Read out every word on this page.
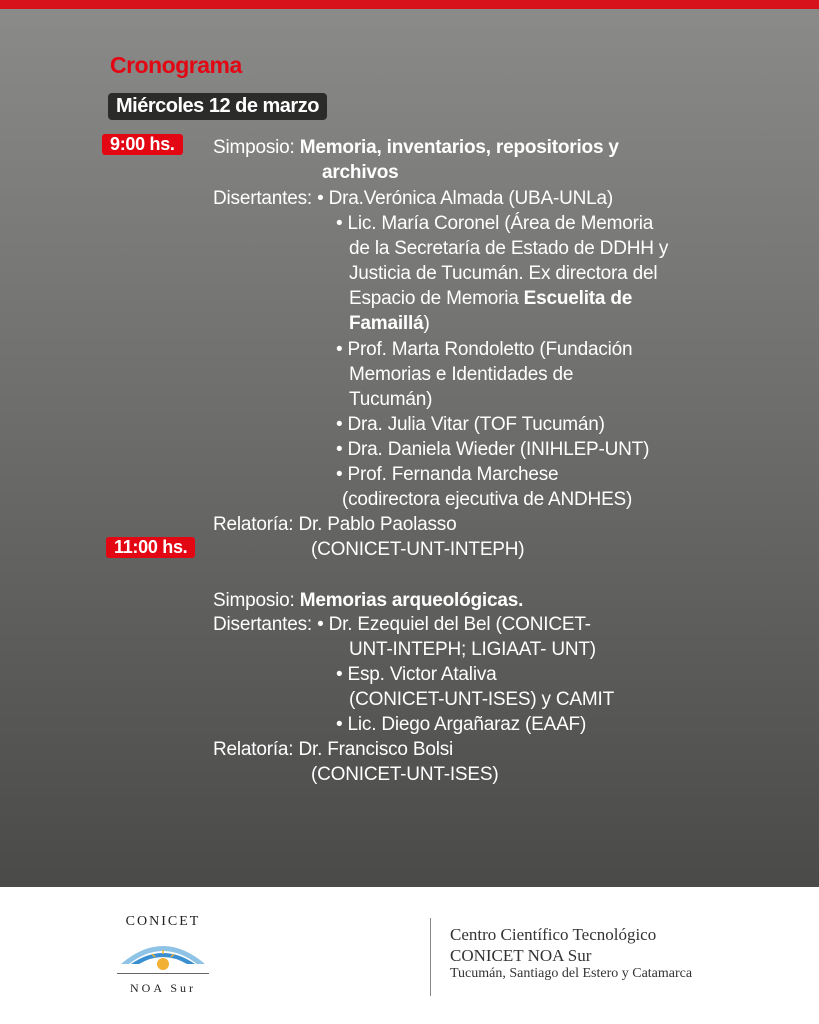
Cronograma
Miércoles 12 de marzo
9:00 hs.
11:00 hs.
Simposio: Memoria, inventarios, repositorios y
archivos
Disertantes: • Dra.Verónica Almada (UBA-UNLa)
• Lic. María Coronel (Área de Memoria
de la Secretaría de Estado de DDHH y
Justicia de Tucumán. Ex directora del
Espacio de Memoria Escuelita de
Famaillá)
• Prof. Marta Rondoletto (Fundación
Memorias e Identidades de
Tucumán)
• Dra. Julia Vitar (TOF Tucumán)
• Dra. Daniela Wieder (INIHLEP-UNT)
• Prof. Fernanda Marchese
(codirectora ejecutiva de ANDHES)
Relatoría: Dr. Pablo Paolasso
(CONICET-UNT-INTEPH)
Simposio: Memorias arqueológicas.
Disertantes: • Dr. Ezequiel del Bel (CONICET-
UNT-INTEPH; LIGIAAT- UNT)
• Esp. Victor Ataliva
(CONICET-UNT-ISES) y CAMIT
• Lic. Diego Argañaraz (EAAF)
Relatoría: Dr. Francisco Bolsi
(CONICET-UNT-ISES)
CONICET
NOA Sur
Centro Científico Tecnológico
CONICET NOA Sur
Tucumán, Santiago del Estero y Catamarca
